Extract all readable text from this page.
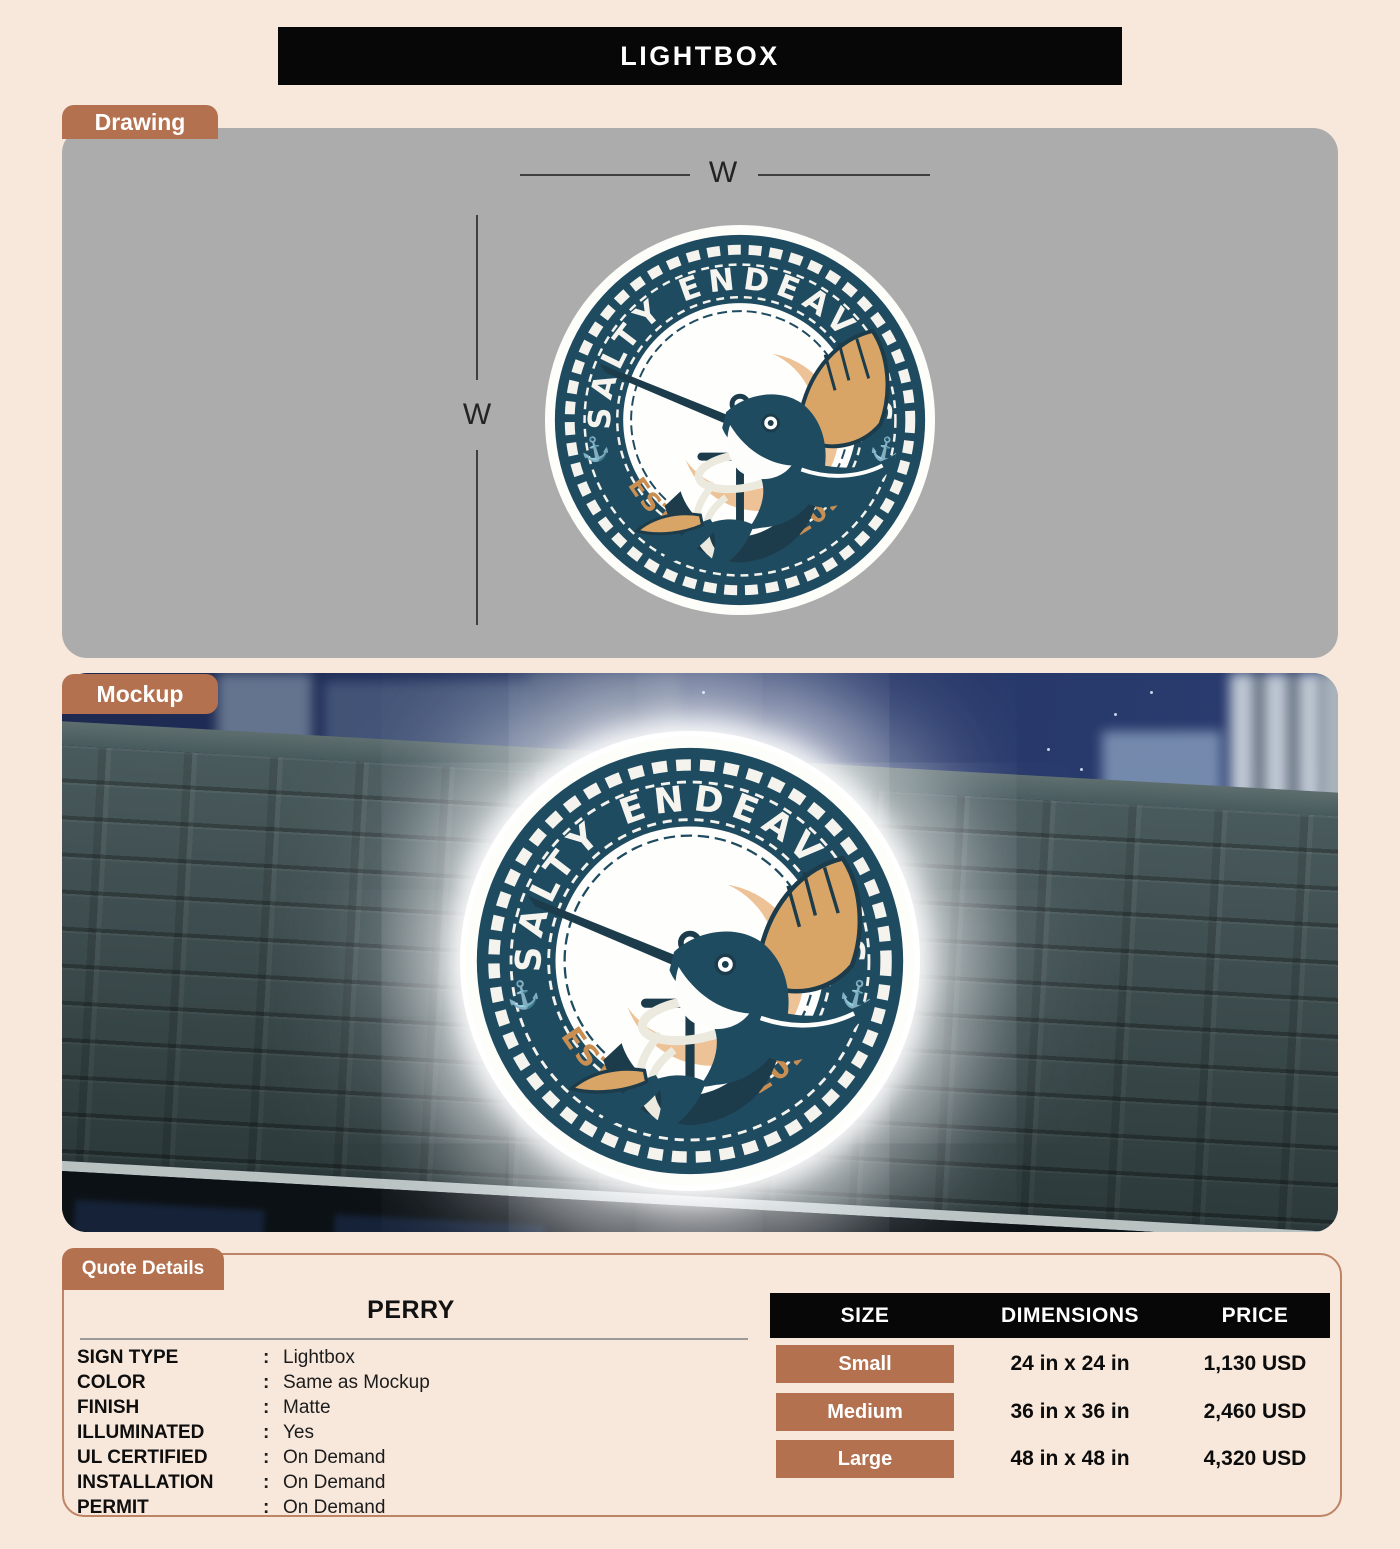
LIGHTBOX
Drawing
W
W
Mockup
Quote Details
PERRY
SIGN TYPE	: Lightbox
COLOR	: Same as Mockup
FINISH	: Matte
ILLUMINATED	: Yes
UL CERTIFIED	: On Demand
INSTALLATION	: On Demand
PERMIT	: On Demand
SIZE	DIMENSIONS	PRICE
Small	24 in x 24 in	1,130 USD
Medium	36 in x 36 in	2,460 USD
Large	48 in x 48 in	4,320 USD
